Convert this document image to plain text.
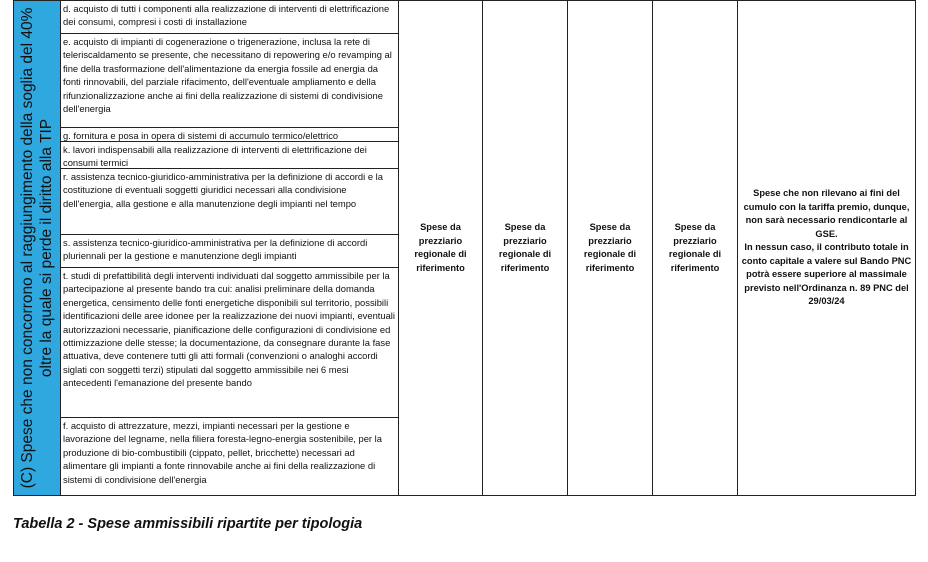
(C) Spese che non concorrono al raggiungimento della soglia del 40% oltre la quale si perde il diritto alla TIP
d. acquisto di tutti i componenti alla realizzazione di interventi di elettrificazione dei consumi, compresi i costi di installazione
e. acquisto di impianti di cogenerazione o trigenerazione, inclusa la rete di teleriscaldamento se presente, che necessitano di repowering e/o revamping al fine della trasformazione dell'alimentazione da energia fossile ad energia da fonti rinnovabili, del parziale rifacimento, dell'eventuale ampliamento e della rifunzionalizzazione anche ai fini della realizzazione di sistemi di condivisione dell'energia
g. fornitura e posa in opera di sistemi di accumulo termico/elettrico
k. lavori indispensabili alla realizzazione di interventi di elettrificazione dei consumi termici
r. assistenza tecnico-giuridico-amministrativa per la definizione di accordi e la costituzione di eventuali soggetti giuridici necessari alla condivisione dell'energia, alla gestione e alla manutenzione degli impianti nel tempo
s. assistenza tecnico-giuridico-amministrativa per la definizione di accordi pluriennali per la gestione e manutenzione degli impianti
t. studi di prefattibilità degli interventi individuati dal soggetto ammissibile per la partecipazione al presente bando tra cui: analisi preliminare della domanda energetica, censimento delle fonti energetiche disponibili sul territorio, possibili identificazioni delle aree idonee per la realizzazione dei nuovi impianti, eventuali autorizzazioni necessarie, pianificazione delle configurazioni di condivisione ed ottimizzazione delle stesse; la documentazione, da consegnare durante la fase attuativa, deve contenere tutti gli atti formali (convenzioni o analoghi accordi siglati con soggetti terzi) stipulati dal soggetto ammissibile nei 6 mesi antecedenti l'emanazione del presente bando
f. acquisto di attrezzature, mezzi, impianti necessari per la gestione e lavorazione del legname, nella filiera foresta-legno-energia sostenibile, per la produzione di bio-combustibili (cippato, pellet, bricchette) necessari ad alimentare gli impianti a fonte rinnovabile anche ai fini della realizzazione di sistemi di condivisione dell'energia
Spese da
prezziario
regionale di
riferimento
Spese da
prezziario
regionale di
riferimento
Spese da
prezziario
regionale di
riferimento
Spese da
prezziario
regionale di
riferimento
Spese che non rilevano ai fini del
cumulo con la tariffa premio, dunque,
non sarà necessario rendicontarle al
GSE.
In nessun caso, il contributo totale in
conto capitale a valere sul Bando PNC
potrà essere superiore al massimale
previsto nell'Ordinanza n. 89 PNC del
29/03/24
Tabella 2 - Spese ammissibili ripartite per tipologia
